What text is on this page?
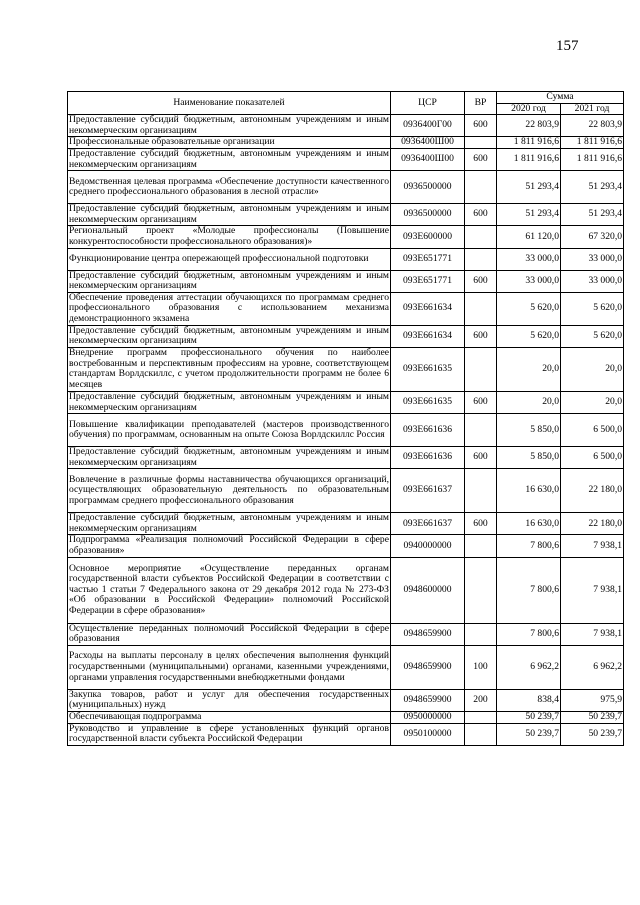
157
Наименование показателей	ЦСР	ВР	Сумма	
			2020 год	2021 год
Предоставление субсидий бюджетным, автономным учреждениям и иным некоммерческим организациям	0936400Г00	600	22 803,9	22 803,9
Профессиональные образовательные организации	0936400Ш00		1 811 916,6	1 811 916,6
Предоставление субсидий бюджетным, автономным учреждениям и иным некоммерческим организациям	0936400Ш00	600	1 811 916,6	1 811 916,6
Ведомственная целевая программа «Обеспечение доступности качественного среднего профессионального образования в лесной отрасли»	0936500000		51 293,4	51 293,4
Предоставление субсидий бюджетным, автономным учреждениям и иным некоммерческим организациям	0936500000	600	51 293,4	51 293,4
Региональный проект «Молодые профессионалы (Повышение конкурентоспособности профессионального образования)»	093Е600000		61 120,0	67 320,0
Функционирование центра опережающей профессиональной подготовки	093Е651771		33 000,0	33 000,0
Предоставление субсидий бюджетным, автономным учреждениям и иным некоммерческим организациям	093Е651771	600	33 000,0	33 000,0
Обеспечение проведения аттестации обучающихся по программам среднего профессионального образования с использованием механизма демонстрационного экзамена	093Е661634		5 620,0	5 620,0
Предоставление субсидий бюджетным, автономным учреждениям и иным некоммерческим организациям	093Е661634	600	5 620,0	5 620,0
Внедрение программ профессионального обучения по наиболее востребованным и перспективным профессиям на уровне, соответствующем стандартам Ворлдскиллс, с учетом продолжительности программ не более 6 месяцев	093Е661635		20,0	20,0
Предоставление субсидий бюджетным, автономным учреждениям и иным некоммерческим организациям	093Е661635	600	20,0	20,0
Повышение квалификации преподавателей (мастеров производственного обучения) по программам, основанным на опыте Союза Ворлдскиллс Россия	093Е661636		5 850,0	6 500,0
Предоставление субсидий бюджетным, автономным учреждениям и иным некоммерческим организациям	093Е661636	600	5 850,0	6 500,0
Вовлечение в различные формы наставничества обучающихся организаций, осуществляющих образовательную деятельность по образовательным программам среднего профессионального образования	093Е661637		16 630,0	22 180,0
Предоставление субсидий бюджетным, автономным учреждениям и иным некоммерческим организациям	093Е661637	600	16 630,0	22 180,0
Подпрограмма «Реализация полномочий Российской Федерации в сфере образования»	0940000000		7 800,6	7 938,1
Основное мероприятие «Осуществление переданных органам государственной власти субъектов Российской Федерации в соответствии с частью 1 статьи 7 Федерального закона от 29 декабря 2012 года № 273-ФЗ «Об образовании в Российской Федерации» полномочий Российской Федерации в сфере образования»	0948600000		7 800,6	7 938,1
Осуществление переданных полномочий Российской Федерации в сфере образования	0948659900		7 800,6	7 938,1
Расходы на выплаты персоналу в целях обеспечения выполнения функций государственными (муниципальными) органами, казенными учреждениями, органами управления государственными внебюджетными фондами	0948659900	100	6 962,2	6 962,2
Закупка товаров, работ и услуг для обеспечения государственных (муниципальных) нужд	0948659900	200	838,4	975,9
Обеспечивающая подпрограмма	0950000000		50 239,7	50 239,7
Руководство и управление в сфере установленных функций органов государственной власти субъекта Российской Федерации	0950100000		50 239,7	50 239,7
